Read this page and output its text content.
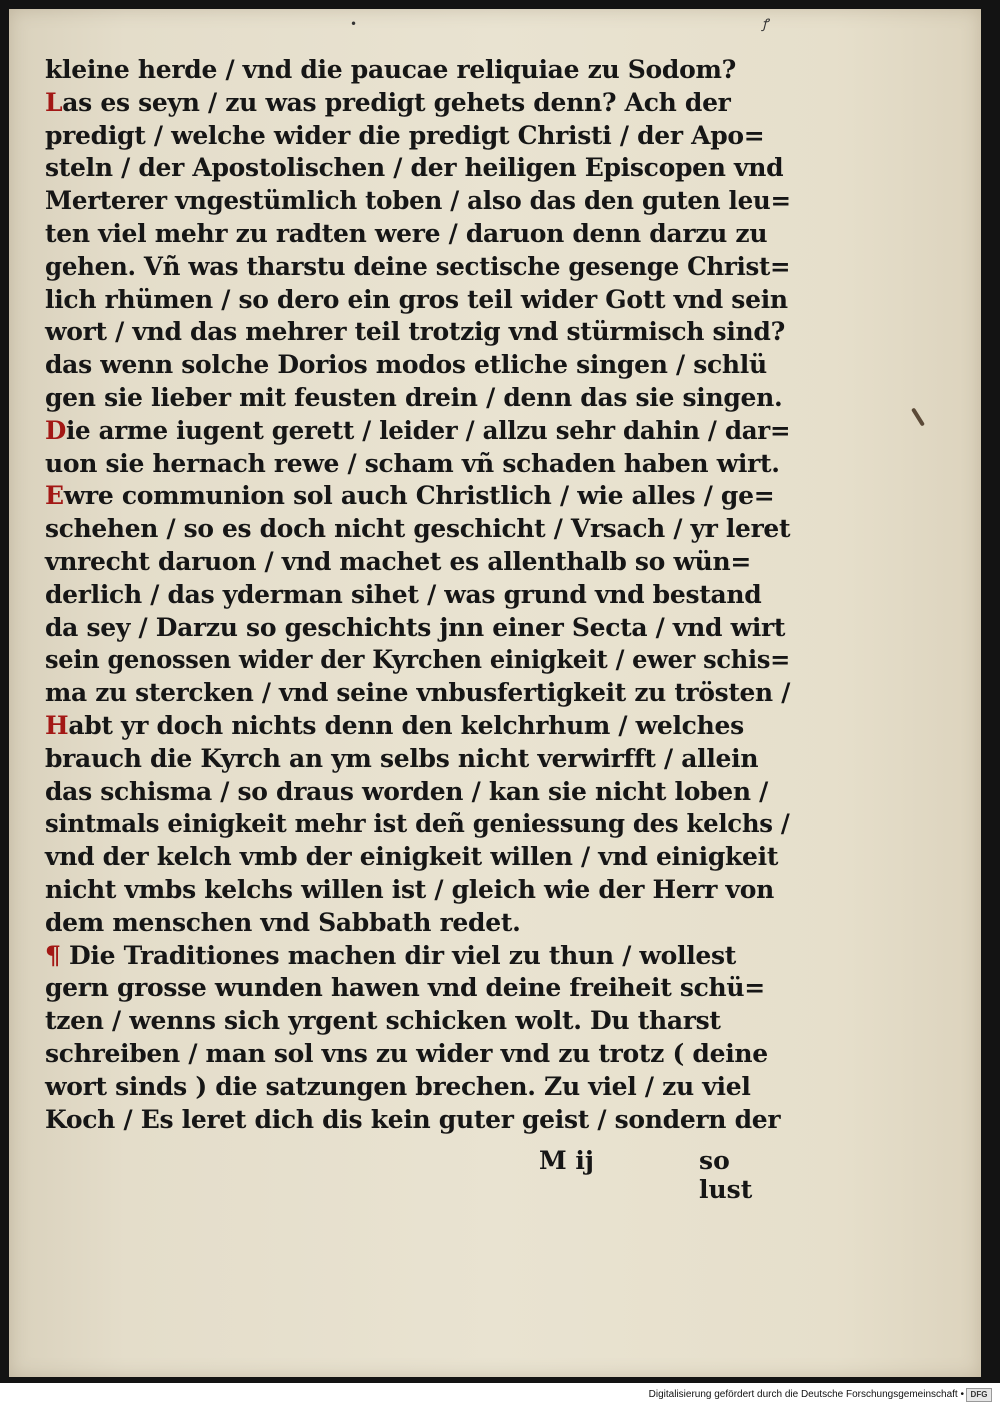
•	ꝭ
kleine herde / vnd die paucae reliquiae zu Sodom?
Las es seyn / zu was predigt gehets denn? Ach der
predigt / welche wider die predigt Christi / der Apo=
steln / der Apostolischen / der heiligen Episcopen vnd
Merterer vngestümlich toben / also das den guten leu=
ten viel mehr zu radten were / daruon denn darzu zu
gehen. Vñ was tharstu deine sectische gesenge Christ=
lich rhümen / so dero ein gros teil wider Gott vnd sein
wort / vnd das mehrer teil trotzig vnd stürmisch sind?
das wenn solche Dorios modos etliche singen / schlü
gen sie lieber mit feusten drein / denn das sie singen.
Die arme iugent gerett / leider / allzu sehr dahin / dar=
uon sie hernach rewe / scham vñ schaden haben wirt.
Ewre communion sol auch Christlich / wie alles / ge=
schehen / so es doch nicht geschicht / Vrsach / yr leret
vnrecht daruon / vnd machet es allenthalb so wün=
derlich / das yderman sihet / was grund vnd bestand
da sey / Darzu so geschichts jnn einer Secta / vnd wirt
sein genossen wider der Kyrchen einigkeit / ewer schis=
ma zu stercken / vnd seine vnbusfertigkeit zu trösten /
Habt yr doch nichts denn den kelchrhum / welches
brauch die Kyrch an ym selbs nicht verwirfft / allein
das schisma / so draus worden / kan sie nicht loben /
sintmals einigkeit mehr ist deñ geniessung des kelchs /
vnd der kelch vmb der einigkeit willen / vnd einigkeit
nicht vmbs kelchs willen ist / gleich wie der Herr von
dem menschen vnd Sabbath redet.
¶ Die Traditiones machen dir viel zu thun / wollest
gern grosse wunden hawen vnd deine freiheit schü=
tzen / wenns sich yrgent schicken wolt. Du tharst
schreiben / man sol vns zu wider vnd zu trotz ( deine
wort sinds ) die satzungen brechen. Zu viel / zu viel
Koch / Es leret dich dis kein guter geist / sondern der
M ij	so lust
Digitalisierung gefördert durch die Deutsche Forschungsgemeinschaft • DFG
